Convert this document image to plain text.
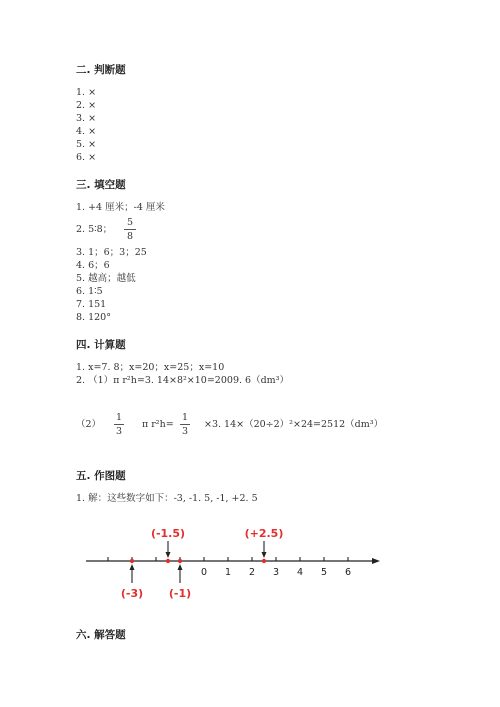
二. 判断题
1. ×
2. ×
3. ×
4. ×
5. ×
6. ×
三. 填空题
1. +4 厘米；-4 厘米
2. 5∶8；
5
8
3. 1；6；3；25
4. 6；6
5. 越高；越低
6. 1∶5
7. 151
8. 120°
四. 计算题
1. x=7. 8；x=20；x=25；x=10
2. （1）π r²h=3. 14×8²×10=2009. 6（dm³）
（2）
1
3
π r²h=
1
3
×3. 14×（20÷2）²×24=2512（dm³）
五. 作图题
1. 解：这些数字如下：-3, -1. 5, -1, +2. 5
0 1 2 3 4 5 6
(-3)
(-1.5)
(-1)
(+2.5)
六. 解答题
